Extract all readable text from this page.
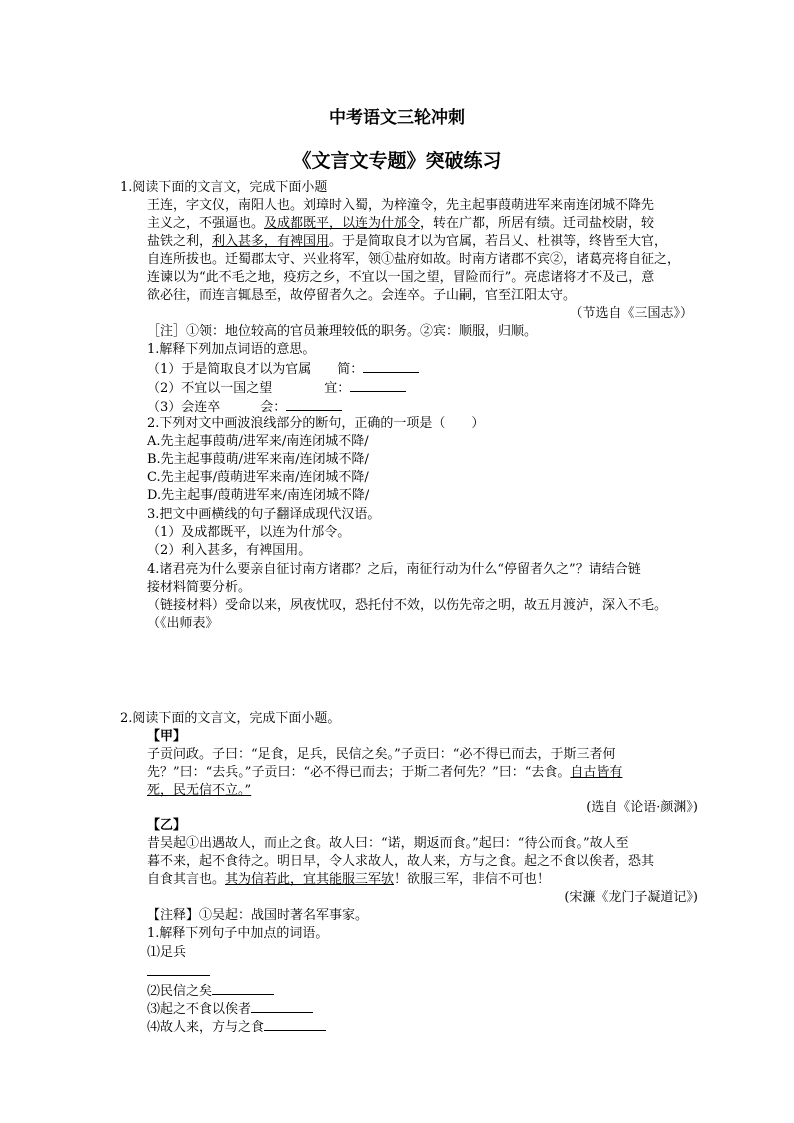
中考语文三轮冲刺
《文言文专题》突破练习
1.阅读下面的文言文，完成下面小题
王连，字文仪，南阳人也。刘璋时入蜀，为梓潼令，先主起事葭萌进军来南连闭城不降先
主义之，不强逼也。及成都既平，以连为什邡令，转在广都，所居有绩。迁司盐校尉，较
盐铁之利，利入甚多，有裨国用。于是简取良才以为官属，若吕乂、杜祺等，终皆至大官，
自连所拔也。迁蜀郡太守、兴业将军，领①盐府如故。时南方诸郡不宾②，诸葛亮将自征之，
连谏以为“此不毛之地，疫疠之乡，不宜以一国之望，冒险而行”。亮虑诸将才不及己，意
欲必往，而连言辄恳至，故停留者久之。会连卒。子山嗣，官至江阳太守。
（节选自《三国志》）
［注］①领：地位较高的官员兼理较低的职务。②宾：顺服，归顺。
1.解释下列加点词语的意思。
（1）于是简取良才以为官属 简：
（2）不宜以一国之望	宜：
（3）会连卒	会：
2.下列对文中画波浪线部分的断句，正确的一项是（　　）
A.先主起事葭萌/进军来/南连闭城不降/
B.先主起事葭萌/进军来南/连闭城不降/
C.先主起事/葭萌进军来南/连闭城不降/
D.先主起事/葭萌进军来/南连闭城不降/
3.把文中画横线的句子翻译成现代汉语。
（1）及成都既平，以连为什邡令。
（2）利入甚多，有裨国用。
4.诸君亮为什么要亲自征讨南方诸郡？之后，南征行动为什么“停留者久之”？请结合链
接材料简要分析。
（链接材料）受命以来，夙夜忧叹，恐托付不效，以伤先帝之明，故五月渡泸，深入不毛。
（《出师表》
2.阅读下面的文言文，完成下面小题。
【甲】
子贡问政。子曰：“足食，足兵，民信之矣。”子贡曰：“必不得已而去，于斯三者何
先？”曰：“去兵。”子贡曰：“必不得已而去；于斯二者何先？”曰：“去食。自古皆有
死，民无信不立。”
(选自《论语·颜渊》)
【乙】
昔吴起①出遇故人，而止之食。故人曰：“诺，期返而食。”起曰：“待公而食。”故人至
暮不来，起不食待之。明日早，令人求故人，故人来，方与之食。起之不食以俟者，恐其
自食其言也。其为信若此，宜其能服三军欤！欲服三军，非信不可也！
(宋濂《龙门子凝道记》)
【注释】①吴起：战国时著名军事家。
1.解释下列句子中加点的词语。
⑴足兵
⑵民信之矣
⑶起之不食以俟者
⑷故人来，方与之食
